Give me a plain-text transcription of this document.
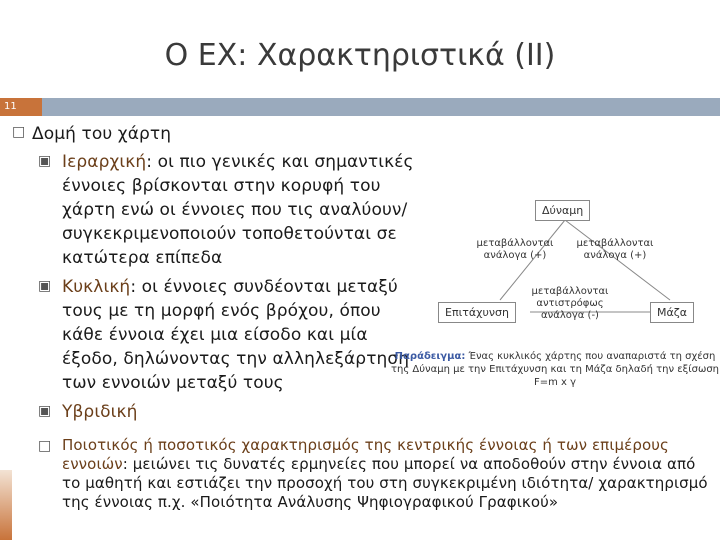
Ο ΕΧ: Χαρακτηριστικά (ΙΙ)
11
□ Δομή του χάρτη
▣ Ιεραρχική: οι πιο γενικές και σημαντικές έννοιες βρίσκονται στην κορυφή του χάρτη ενώ οι έννοιες που τις αναλύουν/συγκεκριμενοποιούν τοποθετούνται σε κατώτερα επίπεδα
▣ Κυκλική: οι έννοιες συνδέονται μεταξύ τους με τη μορφή ενός βρόχου, όπου κάθε έννοια έχει μια είσοδο και μία έξοδο, δηλώνοντας την αλληλεξάρτηση των εννοιών μεταξύ τους
▣ Υβριδική
□ Ποιοτικός ή ποσοτικός χαρακτηρισμός της κεντρικής έννοιας ή των επιμέρους εννοιών: μειώνει τις δυνατές ερμηνείες που μπορεί να αποδοθούν στην έννοια από το μαθητή και εστιάζει την προσοχή του στη συγκεκριμένη ιδιότητα/ χαρακτηρισμό της έννοιας π.χ. «Ποιότητα Ανάλυσης Ψηφιογραφικού Γραφικού»
Δύναμη
Επιτάχυνση	Μάζα
μεταβάλλονται ανάλογα (+)
μεταβάλλονται ανάλογα (+)
μεταβάλλονται αντιστρόφως ανάλογα (-)
Παράδειγμα: Ένας κυκλικός χάρτης που αναπαριστά τη σχέση της Δύναμη με την Επιτάχυνση και τη Μάζα δηλαδή την εξίσωση F=m x γ
